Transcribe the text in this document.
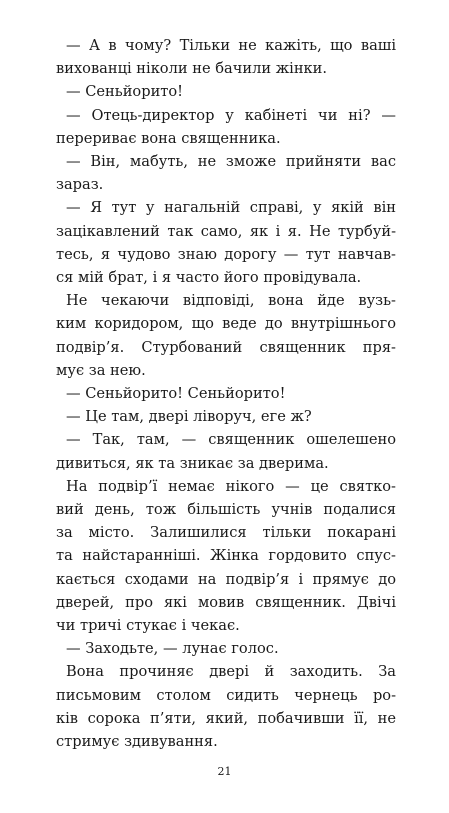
— А в чому? Тільки не кажіть, що ваші
вихованці ніколи не бачили жінки.
— Сеньйорито!
— Отець-директор у кабінеті чи ні? —
перериває вона священника.
— Він, мабуть, не зможе прийняти вас
зараз.
— Я тут у нагальній справі, у якій він
зацікавлений так само, як і я. Не турбуй-
тесь, я чудово знаю дорогу — тут навчав-
ся мій брат, і я часто його провідувала.
Не чекаючи відповіді, вона йде вузь-
ким коридором, що веде до внутрішнього
подвір’я. Стурбований священник пря-
мує за нею.
— Сеньйорито! Сеньйорито!
— Це там, двері ліворуч, еге ж?
— Так, там, — священник ошелешено
дивиться, як та зникає за дверима.
На подвір’ї немає нікого — це святко-
вий день, тож більшість учнів подалися
за місто. Залишилися тільки покарані
та найстаранніші. Жінка гордовито спус-
кається сходами на подвір’я і прямує до
дверей, про які мовив священник. Двічі
чи тричі стукає і чекає.
— Заходьте, — лунає голос.
Вона прочиняє двері й заходить. За
письмовим столом сидить чернець ро-
ків сорока п’яти, який, побачивши її, не
стримує здивування.
21
